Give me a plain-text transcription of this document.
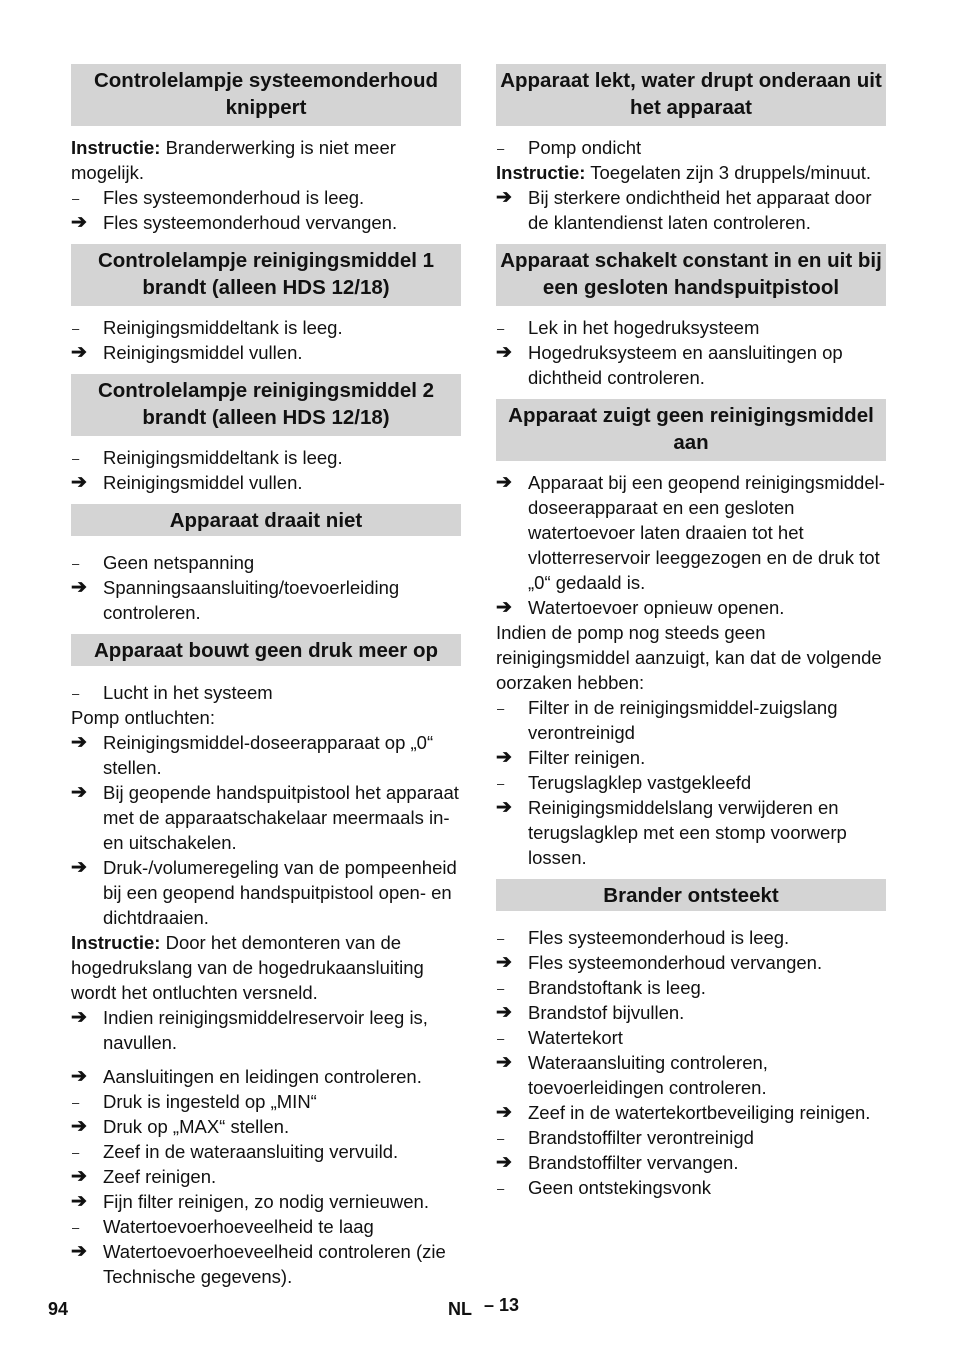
Controlelampje systeemonderhoud knippert
Instructie: Branderwerking is niet meer mogelijk.
–	Fles systeemonderhoud is leeg.
➔ Fles systeemonderhoud vervangen.
Controlelampje reinigingsmiddel 1 brandt (alleen HDS 12/18)
–	Reinigingsmiddeltank is leeg.
➔ Reinigingsmiddel vullen.
Controlelampje reinigingsmiddel 2 brandt (alleen HDS 12/18)
–	Reinigingsmiddeltank is leeg.
➔ Reinigingsmiddel vullen.
Apparaat draait niet
–	Geen netspanning
➔ Spanningsaansluiting/toevoerleiding controleren.
Apparaat bouwt geen druk meer op
–	Lucht in het systeem
Pomp ontluchten:
➔ Reinigingsmiddel-doseerapparaat op „0“ stellen.
➔ Bij geopende handspuitpistool het apparaat met de apparaatschakelaar meermaals in- en uitschakelen.
➔ Druk-/volumeregeling van de pompeenheid bij een geopend handspuitpistool open- en dichtdraaien.
Instructie: Door het demonteren van de hogedrukslang van de hogedrukaansluiting wordt het ontluchten versneld.
➔ Indien reinigingsmiddelreservoir leeg is, navullen.
➔ Aansluitingen en leidingen controleren.
–	Druk is ingesteld op „MIN“
➔ Druk op „MAX“ stellen.
–	Zeef in de wateraansluiting vervuild.
➔ Zeef reinigen.
➔ Fijn filter reinigen, zo nodig vernieuwen.
–	Watertoevoerhoeveelheid te laag
➔ Watertoevoerhoeveelheid controleren (zie Technische gegevens).
Apparaat lekt, water drupt onderaan uit het apparaat
–	Pomp ondicht
Instructie: Toegelaten zijn 3 druppels/minuut.
➔ Bij sterkere ondichtheid het apparaat door de klantendienst laten controleren.
Apparaat schakelt constant in en uit bij een gesloten handspuitpistool
–	Lek in het hogedruksysteem
➔ Hogedruksysteem en aansluitingen op dichtheid controleren.
Apparaat zuigt geen reinigingsmiddel aan
➔ Apparaat bij een geopend reinigingsmiddel-doseerapparaat en een gesloten watertoevoer laten draaien tot het vlotterreservoir leeggezogen en de druk tot „0“ gedaald is.
➔ Watertoevoer opnieuw openen.
Indien de pomp nog steeds geen reinigingsmiddel aanzuigt, kan dat de volgende oorzaken hebben:
–	Filter in de reinigingsmiddel-zuigslang verontreinigd
➔ Filter reinigen.
–	Terugslagklep vastgekleefd
➔ Reinigingsmiddelslang verwijderen en terugslagklep met een stomp voorwerp lossen.
Brander ontsteekt
–	Fles systeemonderhoud is leeg.
➔ Fles systeemonderhoud vervangen.
–	Brandstoftank is leeg.
➔ Brandstof bijvullen.
–	Watertekort
➔ Wateraansluiting controleren, toevoerleidingen controleren.
➔ Zeef in de watertekortbeveiliging reinigen.
–	Brandstoffilter verontreinigd
➔ Brandstoffilter vervangen.
–	Geen ontstekingsvonk
94	NL – 13
